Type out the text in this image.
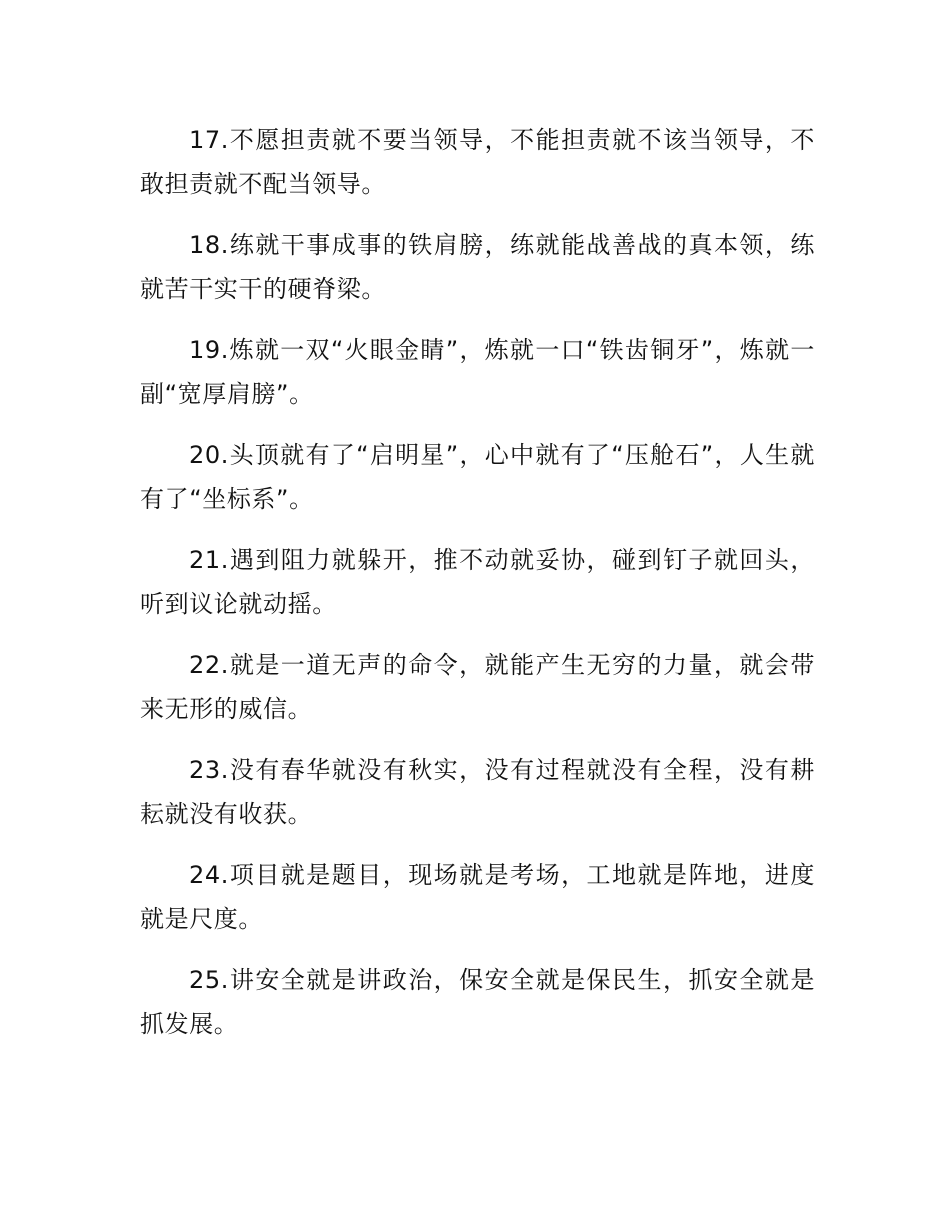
17.不愿担责就不要当领导，不能担责就不该当领导，不敢担责就不配当领导。

18.练就干事成事的铁肩膀，练就能战善战的真本领，练就苦干实干的硬脊梁。

19.炼就一双“火眼金睛”，炼就一口“铁齿铜牙”，炼就一副“宽厚肩膀”。

20.头顶就有了“启明星”，心中就有了“压舱石”，人生就有了“坐标系”。

21.遇到阻力就躲开，推不动就妥协，碰到钉子就回头，听到议论就动摇。

22.就是一道无声的命令，就能产生无穷的力量，就会带来无形的威信。

23.没有春华就没有秋实，没有过程就没有全程，没有耕耘就没有收获。

24.项目就是题目，现场就是考场，工地就是阵地，进度就是尺度。

25.讲安全就是讲政治，保安全就是保民生，抓安全就是抓发展。
